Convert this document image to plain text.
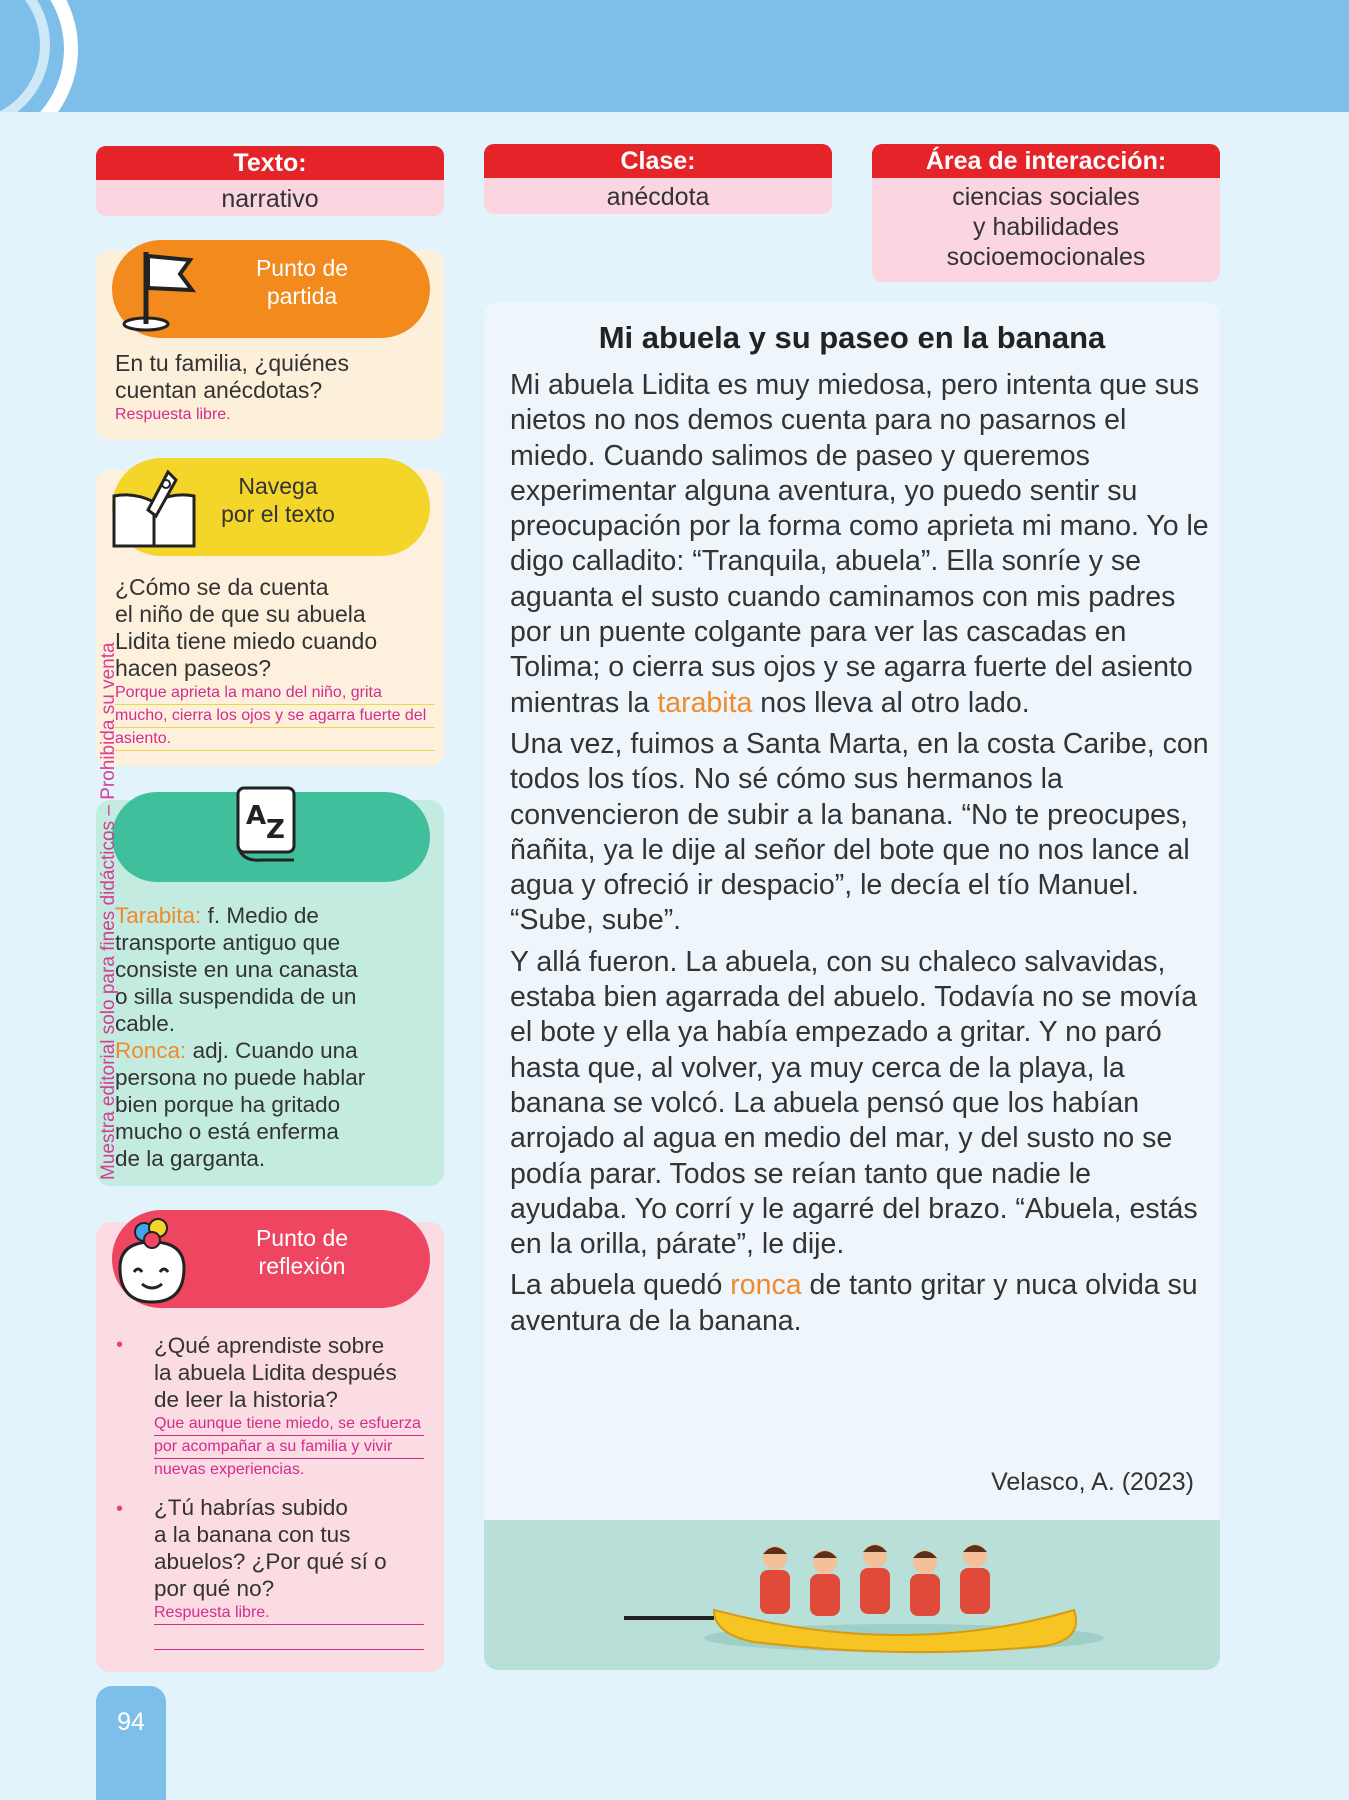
Texto:
narrativo
Clase:
anécdota
Área de interacción:
ciencias sociales
y habilidades
socioemocionales
Punto de
partida
En tu familia, ¿quiénes
cuentan anécdotas?
Respuesta libre.
Navega
por el texto
¿Cómo se da cuenta
el niño de que su abuela
Lidita tiene miedo cuando
hacen paseos?
Porque aprieta la mano del niño, grita
mucho, cierra los ojos y se agarra fuerte del
asiento.
A Z
Tarabita: f. Medio de
transporte antiguo que
consiste en una canasta
o silla suspendida de un
cable.
Ronca: adj. Cuando una
persona no puede hablar
bien porque ha gritado
mucho o está enferma
de la garganta.
Punto de
reflexión
• ¿Qué aprendiste sobre
la abuela Lidita después
de leer la historia?
Que aunque tiene miedo, se esfuerza
por acompañar a su familia y vivir
nuevas experiencias.
• ¿Tú habrías subido
a la banana con tus
abuelos? ¿Por qué sí o
por qué no?
Respuesta libre.
Muestra editorial solo para fines didácticos – Prohibida su venta
Mi abuela y su paseo en la banana

Mi abuela Lidita es muy miedosa, pero intenta que sus nietos no nos demos cuenta para no pasarnos el miedo. Cuando salimos de paseo y queremos experimentar alguna aventura, yo puedo sentir su preocupación por la forma como aprieta mi mano. Yo le digo calladito: “Tranquila, abuela”. Ella sonríe y se aguanta el susto cuando caminamos con mis padres por un puente colgante para ver las cascadas en Tolima; o cierra sus ojos y se agarra fuerte del asiento mientras la tarabita nos lleva al otro lado.

Una vez, fuimos a Santa Marta, en la costa Caribe, con todos los tíos. No sé cómo sus hermanos la convencieron de subir a la banana. “No te preocupes, ñañita, ya le dije al señor del bote que no nos lance al agua y ofreció ir despacio”, le decía el tío Manuel. “Sube, sube”.

Y allá fueron. La abuela, con su chaleco salvavidas, estaba bien agarrada del abuelo. Todavía no se movía el bote y ella ya había empezado a gritar. Y no paró hasta que, al volver, ya muy cerca de la playa, la banana se volcó. La abuela pensó que los habían arrojado al agua en medio del mar, y del susto no se podía parar. Todos se reían tanto que nadie le ayudaba. Yo corrí y le agarré del brazo. “Abuela, estás en la orilla, párate”, le dije.

La abuela quedó ronca de tanto gritar y nuca olvida su aventura de la banana.

Velasco, A. (2023)
94
